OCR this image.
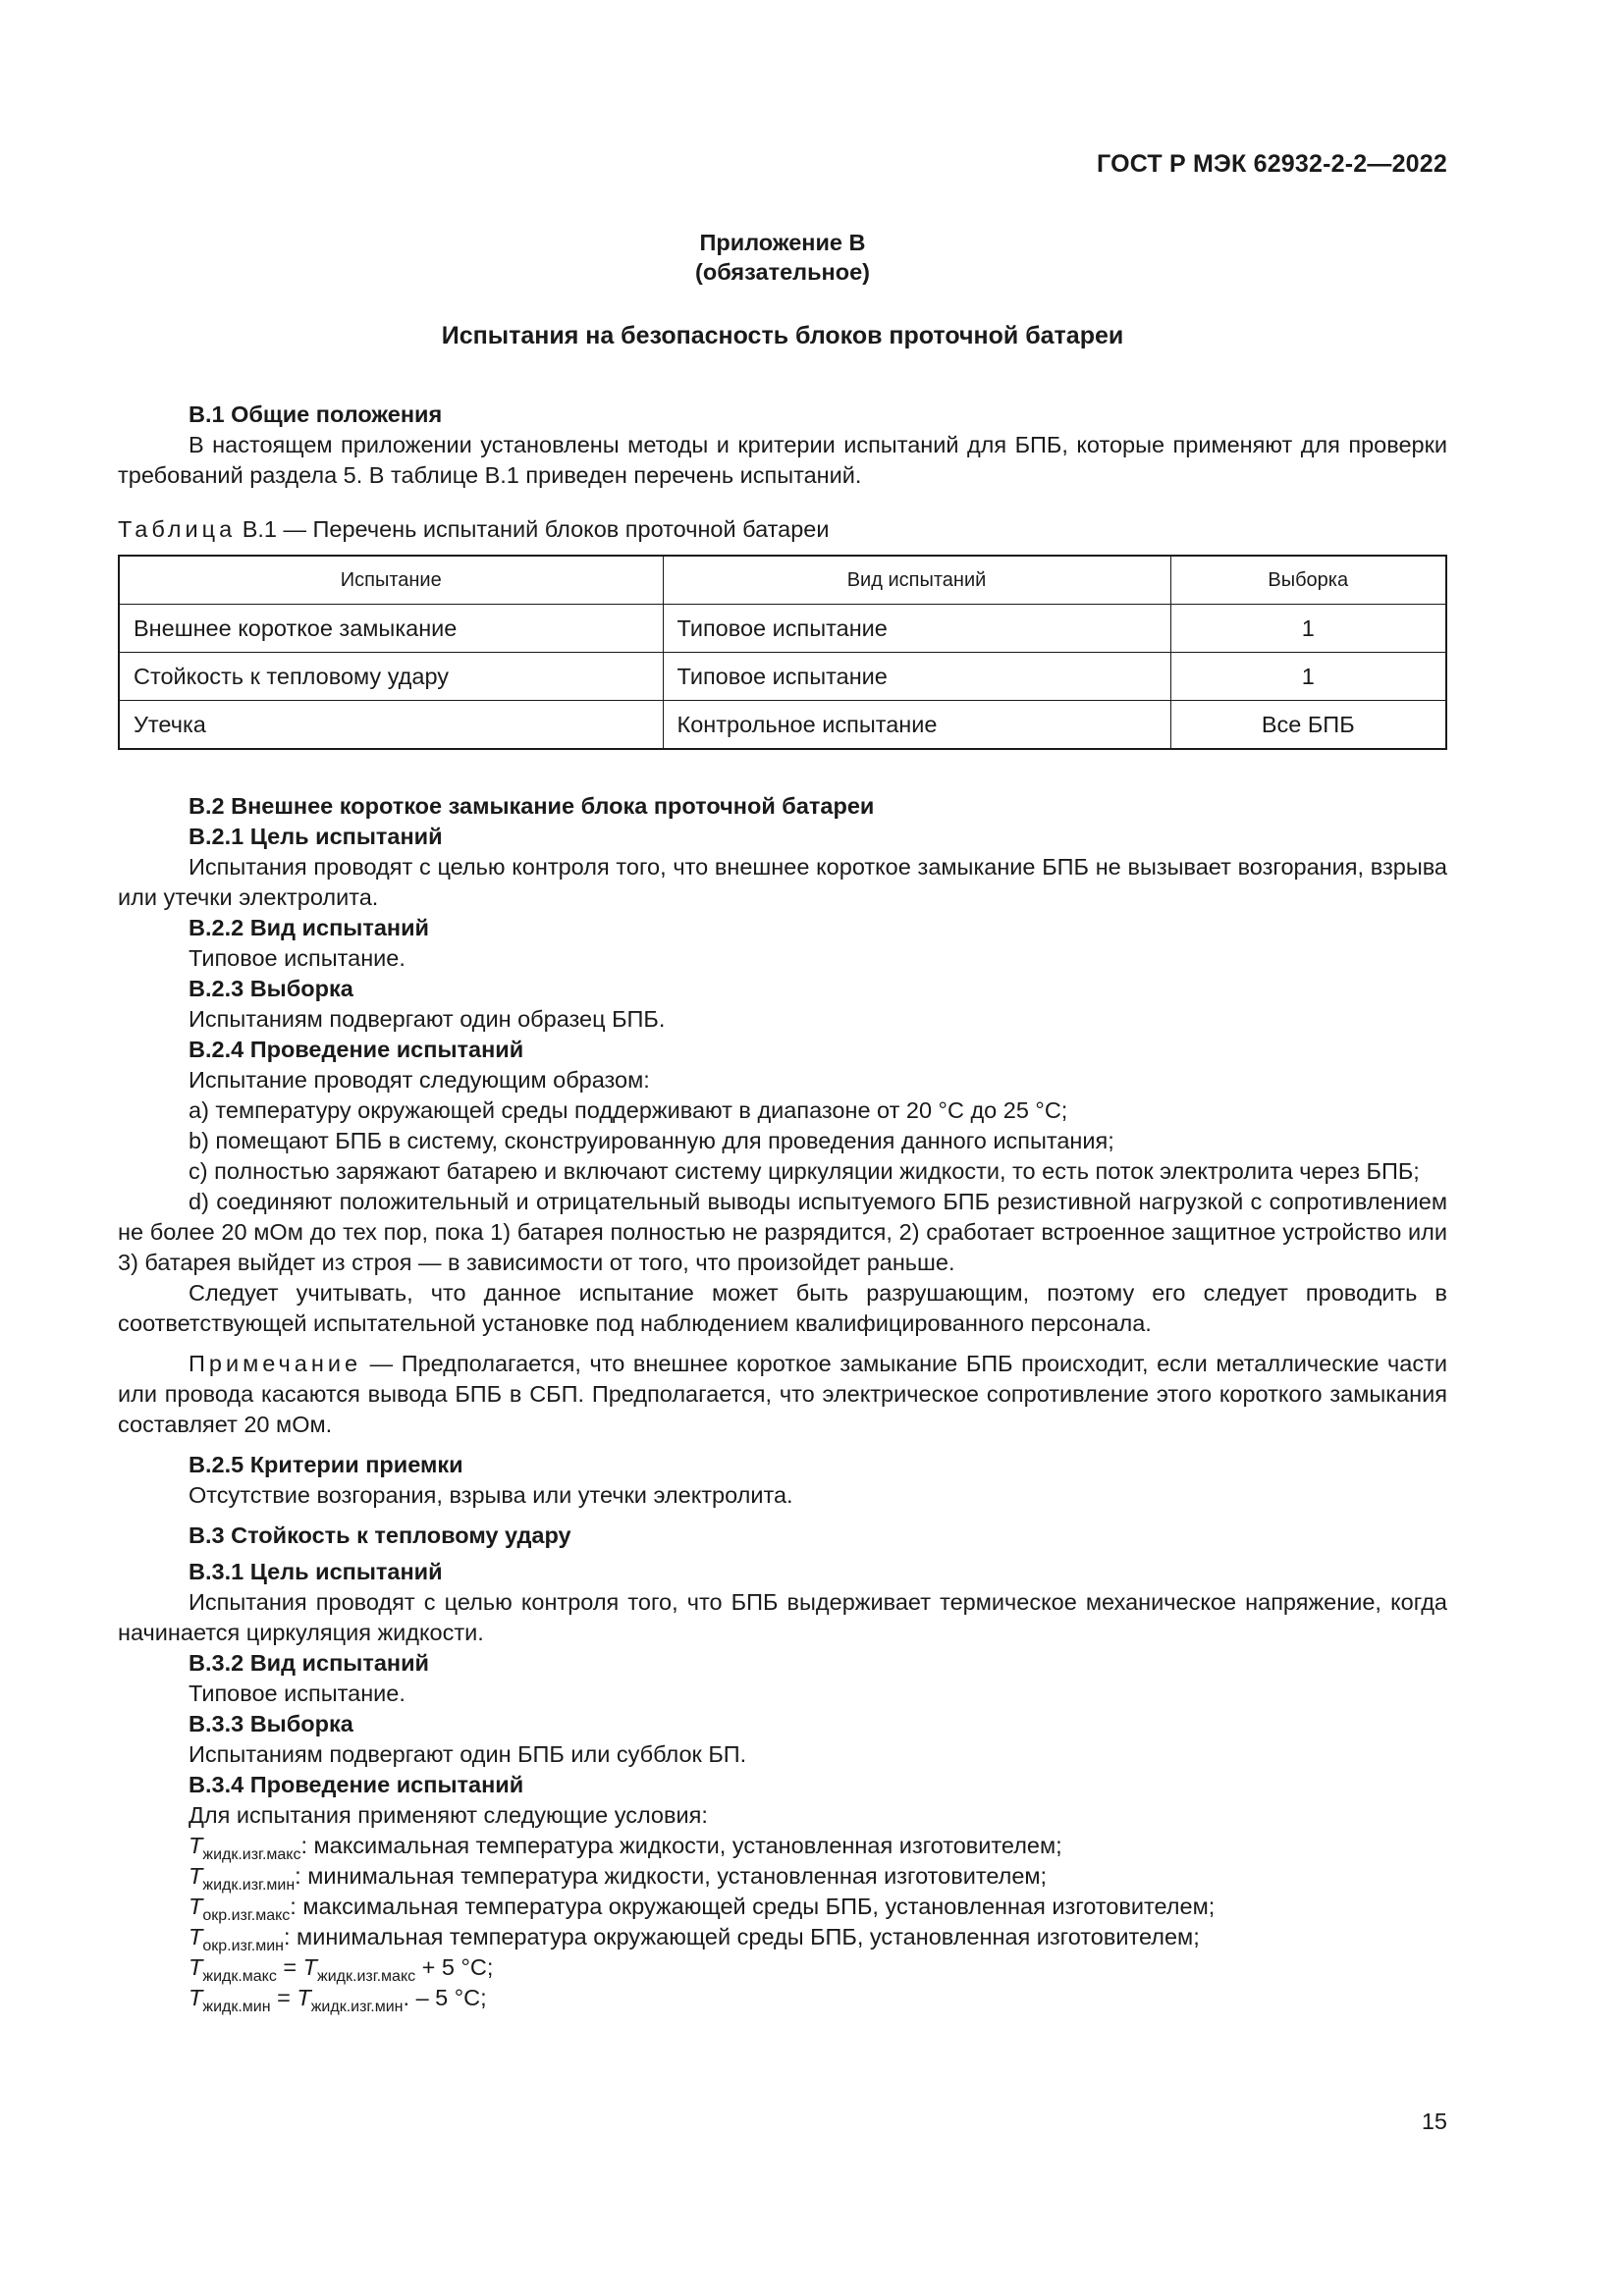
ГОСТ Р МЭК 62932-2-2—2022
Приложение В
(обязательное)
Испытания на безопасность блоков проточной батареи

В.1 Общие положения

В настоящем приложении установлены методы и критерии испытаний для БПБ, которые применяют для проверки требований раздела 5. В таблице В.1 приведен перечень испытаний.

Таблица В.1 — Перечень испытаний блоков проточной батареи

Испытание	Вид испытаний	Выборка
Внешнее короткое замыкание	Типовое испытание	1
Стойкость к тепловому удару	Типовое испытание	1
Утечка	Контрольное испытание	Все БПБ

В.2 Внешнее короткое замыкание блока проточной батареи

В.2.1 Цель испытаний

Испытания проводят с целью контроля того, что внешнее короткое замыкание БПБ не вызывает возгорания, взрыва или утечки электролита.

В.2.2 Вид испытаний

Типовое испытание.

В.2.3 Выборка

Испытаниям подвергают один образец БПБ.

В.2.4 Проведение испытаний

Испытание проводят следующим образом:

а) температуру окружающей среды поддерживают в диапазоне от 20 °С до 25 °С;

b) помещают БПБ в систему, сконструированную для проведения данного испытания;

c) полностью заряжают батарею и включают систему циркуляции жидкости, то есть поток электролита через БПБ;

d) соединяют положительный и отрицательный выводы испытуемого БПБ резистивной нагрузкой с сопротивлением не более 20 мОм до тех пор, пока 1) батарея полностью не разрядится, 2) сработает встроенное защитное устройство или 3) батарея выйдет из строя — в зависимости от того, что произойдет раньше.

Следует учитывать, что данное испытание может быть разрушающим, поэтому его следует проводить в соответствующей испытательной установке под наблюдением квалифицированного персонала.

Примечание — Предполагается, что внешнее короткое замыкание БПБ происходит, если металлические части или провода касаются вывода БПБ в СБП. Предполагается, что электрическое сопротивление этого короткого замыкания составляет 20 мОм.

В.2.5 Критерии приемки

Отсутствие возгорания, взрыва или утечки электролита.

В.3 Стойкость к тепловому удару

В.3.1 Цель испытаний

Испытания проводят с целью контроля того, что БПБ выдерживает термическое механическое напряжение, когда начинается циркуляция жидкости.

В.3.2 Вид испытаний

Типовое испытание.

В.3.3 Выборка

Испытаниям подвергают один БПБ или субблок БП.

В.3.4 Проведение испытаний

Для испытания применяют следующие условия:

$T_{жидк.изг.макс}$: максимальная температура жидкости, установленная изготовителем;

$T_{жидк.изг.мин}$: минимальная температура жидкости, установленная изготовителем;

$T_{окр.изг.макс}$: максимальная температура окружающей среды БПБ, установленная изготовителем;

$T_{окр.изг.мин}$: минимальная температура окружающей среды БПБ, установленная изготовителем;

$T_{жидк.макс} = T_{жидк.изг.макс} + 5$ °С;

$T_{жидк.мин} = T_{жидк.изг.мин}$. – 5 °С;

15
